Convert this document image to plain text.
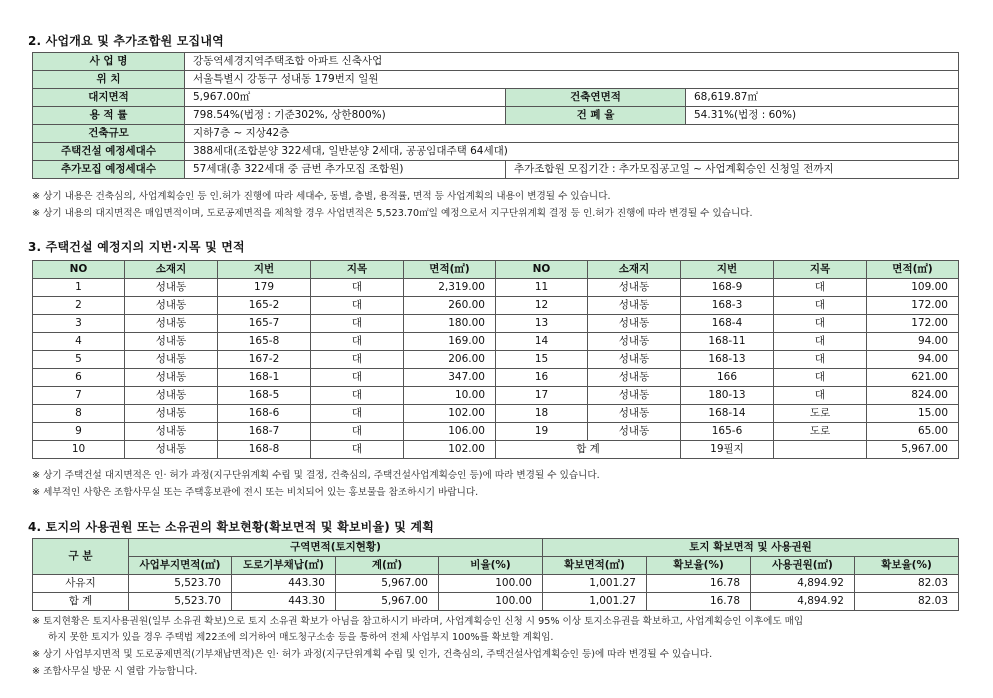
2. 사업개요 및 추가조합원 모집내역
사 업 명	강동역세경지역주택조합 아파트 신축사업		
위 치	서울특별시 강동구 성내동 179번지 일원		
대지면적	5,967.00㎡	건축연면적	68,619.87㎡
용 적 률	798.54%(법정 : 기준302%, 상한800%)	건 폐 율	54.31%(법정 : 60%)
건축규모	지하7층 ~ 지상42층		
주택건설 예정세대수	388세대(조합분양 322세대, 일반분양 2세대, 공공임대주택 64세대)		
추가모집 예정세대수	57세대(총 322세대 중 금번 추가모집 조합원)	추가조합원 모집기간 : 추가모집공고일 ~ 사업계획승인 신청일 전까지	
※ 상기 내용은 건축심의, 사업계획승인 등 인.허가 진행에 따라 세대수, 동별, 층별, 용적률, 면적 등 사업계획의 내용이 변경될 수 있습니다.
※ 상기 내용의 대지면적은 매입면적이며, 도로공제면적을 제척할 경우 사업면적은 5,523.70㎡일 예정으로서 지구단위계획 결정 등 인.허가 진행에 따라 변경될 수 있습니다.
3. 주택건설 예정지의 지번·지목 및 면적
NO	소재지	지번	지목	면적(㎡)	NO	소재지	지번	지목	면적(㎡)
1	성내동	179	대	2,319.00	11	성내동	168-9	대	109.00
2	성내동	165-2	대	260.00	12	성내동	168-3	대	172.00
3	성내동	165-7	대	180.00	13	성내동	168-4	대	172.00
4	성내동	165-8	대	169.00	14	성내동	168-11	대	94.00
5	성내동	167-2	대	206.00	15	성내동	168-13	대	94.00
6	성내동	168-1	대	347.00	16	성내동	166	대	621.00
7	성내동	168-5	대	10.00	17	성내동	180-13	대	824.00
8	성내동	168-6	대	102.00	18	성내동	168-14	도로	15.00
9	성내동	168-7	대	106.00	19	성내동	165-6	도로	65.00
10	성내동	168-8	대	102.00	합 계		19필지		5,967.00
※ 상기 주택건설 대지면적은 인· 허가 과정(지구단위계획 수립 및 결정, 건축심의, 주택건설사업계획승인 등)에 따라 변경될 수 있습니다.
※ 세부적인 사항은 조합사무실 또는 주택홍보관에 전시 또는 비치되어 있는 홍보물을 참조하시기 바랍니다.
4. 토지의 사용권원 또는 소유권의 확보현황(확보면적 및 확보비율) 및 계획
구 분	구역면적(토지현황)				토지 확보면적 및 사용권원			
	사업부지면적(㎡)	도로기부채납(㎡)	계(㎡)	비율(%)	확보면적(㎡)	확보율(%)	사용권원(㎡)	확보율(%)
사유지	5,523.70	443.30	5,967.00	100.00	1,001.27	16.78	4,894.92	82.03
합 계	5,523.70	443.30	5,967.00	100.00	1,001.27	16.78	4,894.92	82.03
※ 토지현황은 토지사용권원(일부 소유권 확보)으로 토지 소유권 확보가 아님을 참고하시기 바라며, 사업계획승인 신청 시 95% 이상 토지소유권을 확보하고, 사업계획승인 이후에도 매입
하지 못한 토지가 있을 경우 주택법 제22조에 의거하여 매도청구소송 등을 통하여 전체 사업부지 100%를 확보할 계획임.
※ 상기 사업부지면적 및 도로공제면적(기부채납면적)은 인· 허가 과정(지구단위계획 수립 및 인가, 건축심의, 주택건설사업계획승인 등)에 따라 변경될 수 있습니다.
※ 조합사무실 방문 시 열람 가능합니다.
